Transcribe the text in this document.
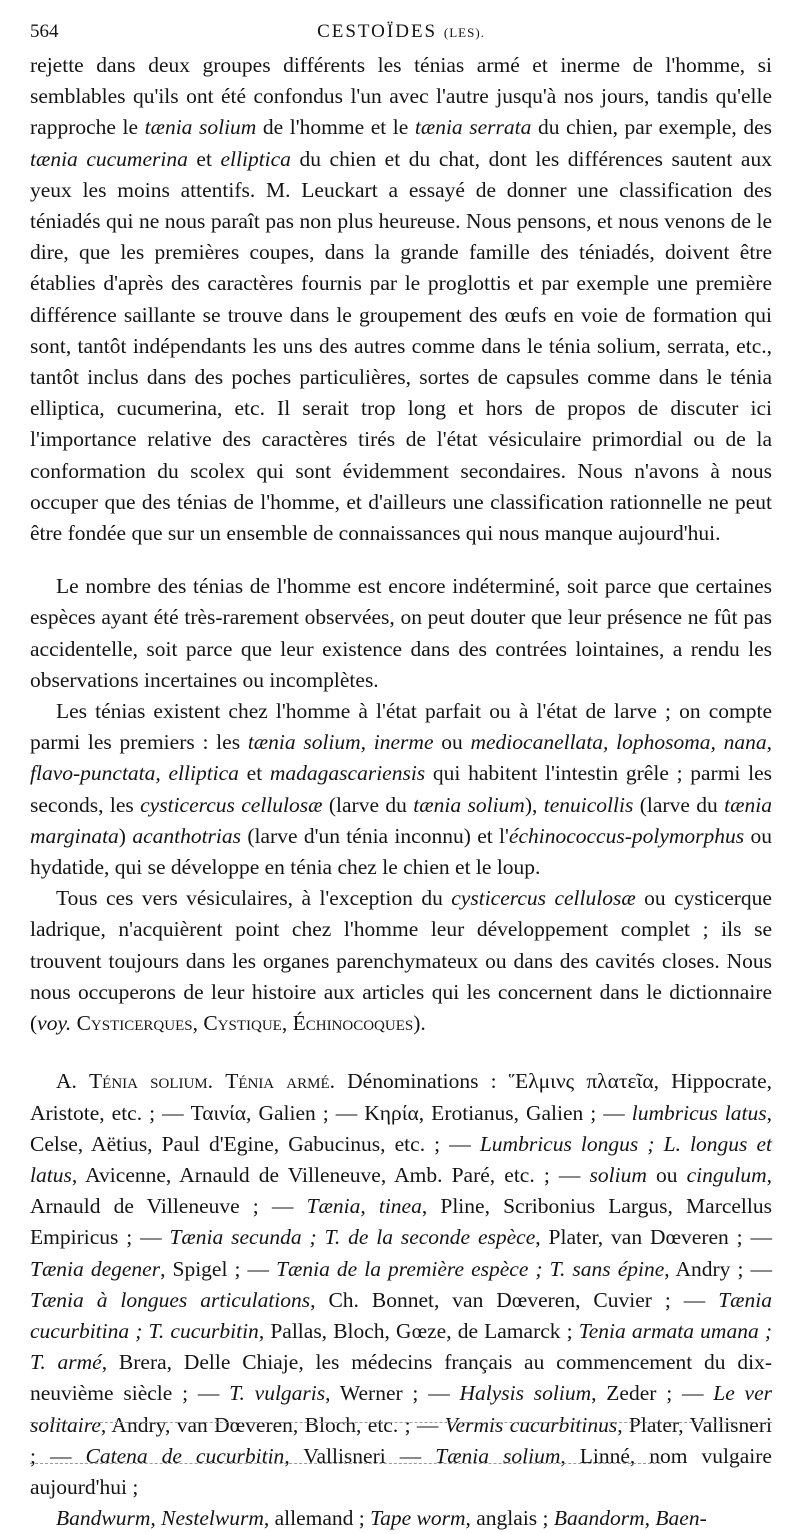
564	CESTOÏDES (LES).

rejette dans deux groupes différents les ténias armé et inerme de l'homme, si semblables qu'ils ont été confondus l'un avec l'autre jusqu'à nos jours, tandis qu'elle rapproche le tænia solium de l'homme et le tænia serrata du chien, par exemple, des tænia cucumerina et elliptica du chien et du chat, dont les différences sautent aux yeux les moins attentifs. M. Leuckart a essayé de donner une classification des téniadés qui ne nous paraît pas non plus heureuse. Nous pensons, et nous venons de le dire, que les premières coupes, dans la grande famille des téniadés, doivent être établies d'après des caractères fournis par le proglottis et par exemple une première différence saillante se trouve dans le groupement des œufs en voie de formation qui sont, tantôt indépendants les uns des autres comme dans le ténia solium, serrata, etc., tantôt inclus dans des poches particulières, sortes de capsules comme dans le ténia elliptica, cucumerina, etc. Il serait trop long et hors de propos de discuter ici l'importance relative des caractères tirés de l'état vésiculaire primordial ou de la conformation du scolex qui sont évidemment secondaires. Nous n'avons à nous occuper que des ténias de l'homme, et d'ailleurs une classification rationnelle ne peut être fondée que sur un ensemble de connaissances qui nous manque aujourd'hui.

Le nombre des ténias de l'homme est encore indéterminé, soit parce que certaines espèces ayant été très-rarement observées, on peut douter que leur présence ne fût pas accidentelle, soit parce que leur existence dans des contrées lointaines, a rendu les observations incertaines ou incomplètes.

Les ténias existent chez l'homme à l'état parfait ou à l'état de larve ; on compte parmi les premiers : les tænia solium, inerme ou mediocanellata, lophosoma, nana, flavo-punctata, elliptica et madagascariensis qui habitent l'intestin grêle ; parmi les seconds, les cysticercus cellulosæ (larve du tænia solium), tenuicollis (larve du tænia marginata) acanthotrias (larve d'un ténia inconnu) et l'échinococcus-polymorphus ou hydatide, qui se développe en ténia chez le chien et le loup.

Tous ces vers vésiculaires, à l'exception du cysticercus cellulosæ ou cysticerque ladrique, n'acquièrent point chez l'homme leur développement complet ; ils se trouvent toujours dans les organes parenchymateux ou dans des cavités closes. Nous nous occuperons de leur histoire aux articles qui les concernent dans le dictionnaire (voy. Cysticerques, Cystique, Échinocoques).

A. Ténia solium. Ténia armé. Dénominations : Ἕλμινς πλατεῖα, Hippocrate, Aristote, etc. ; — Ταινία, Galien ; — Κηρία, Erotianus, Galien ; — lumbricus latus, Celse, Aëtius, Paul d'Egine, Gabucinus, etc. ; — Lumbricus longus ; L. longus et latus, Avicenne, Arnauld de Villeneuve, Amb. Paré, etc. ; — solium ou cingulum, Arnauld de Villeneuve ; — Tænia, tinea, Pline, Scribonius Largus, Marcellus Empiricus ; — Tænia secunda ; T. de la seconde espèce, Plater, van Dœveren ; — Tænia degener, Spigel ; — Tænia de la première espèce ; T. sans épine, Andry ; — Tænia à longues articulations, Ch. Bonnet, van Dœveren, Cuvier ; — Tænia cucurbitina ; T. cucurbitin, Pallas, Bloch, Gœze, de Lamarck ; Tenia armata umana ; T. armé, Brera, Delle Chiaje, les médecins français au commencement du dix-neuvième siècle ; — T. vulgaris, Werner ; — Halysis solium, Zeder ; — Le ver solitaire, Andry, van Dœveren, Bloch, etc. ; — Vermis cucurbitinus, Plater, Vallisneri ; — Catena de cucurbitin, Vallisneri — Tænia solium, Linné, nom vulgaire aujourd'hui ;

Bandwurm, Nestelwurm, allemand ; Tape worm, anglais ; Baandorm, Baen-
